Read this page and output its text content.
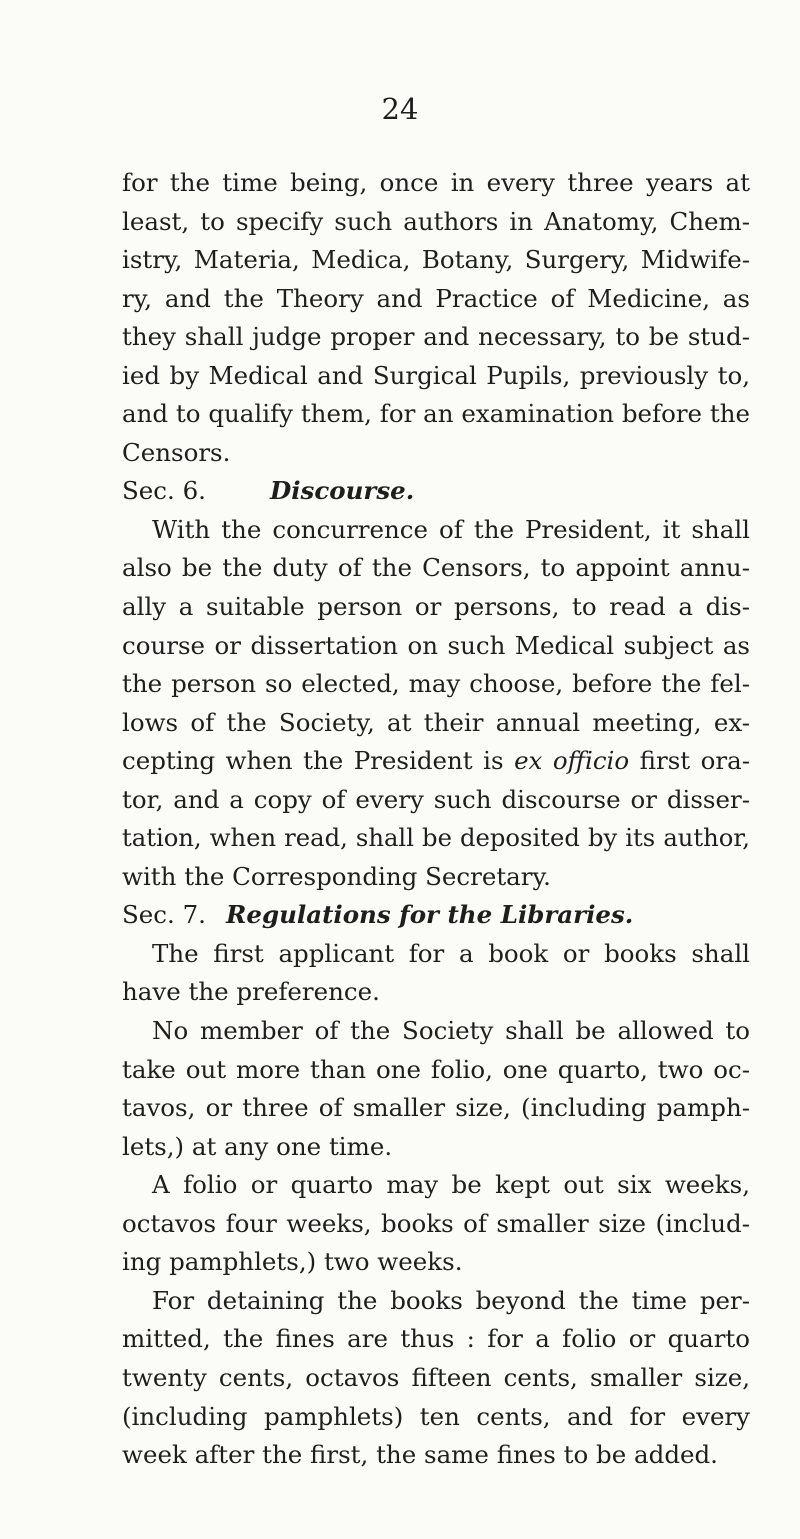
24
for the time being, once in every three years at
least, to specify such authors in Anatomy, Chem-
istry, Materia, Medica, Botany, Surgery, Midwife-
ry, and the Theory and Practice of Medicine, as
they shall judge proper and necessary, to be stud-
ied by Medical and Surgical Pupils, previously to,
and to qualify them, for an examination before the
Censors.
Sec. 6.	Discourse.
With the concurrence of the President, it shall
also be the duty of the Censors, to appoint annu-
ally a suitable person or persons, to read a dis-
course or dissertation on such Medical subject as
the person so elected, may choose, before the fel-
lows of the Society, at their annual meeting, ex-
cepting when the President is ex officio first ora-
tor, and a copy of every such discourse or disser-
tation, when read, shall be deposited by its author,
with the Corresponding Secretary.
Sec. 7. Regulations for the Libraries.
The first applicant for a book or books shall
have the preference.
No member of the Society shall be allowed to
take out more than one folio, one quarto, two oc-
tavos, or three of smaller size, (including pamph-
lets,) at any one time.
A folio or quarto may be kept out six weeks,
octavos four weeks, books of smaller size (includ-
ing pamphlets,) two weeks.
For detaining the books beyond the time per-
mitted, the fines are thus : for a folio or quarto
twenty cents, octavos fifteen cents, smaller size,
(including pamphlets) ten cents, and for every
week after the first, the same fines to be added.
